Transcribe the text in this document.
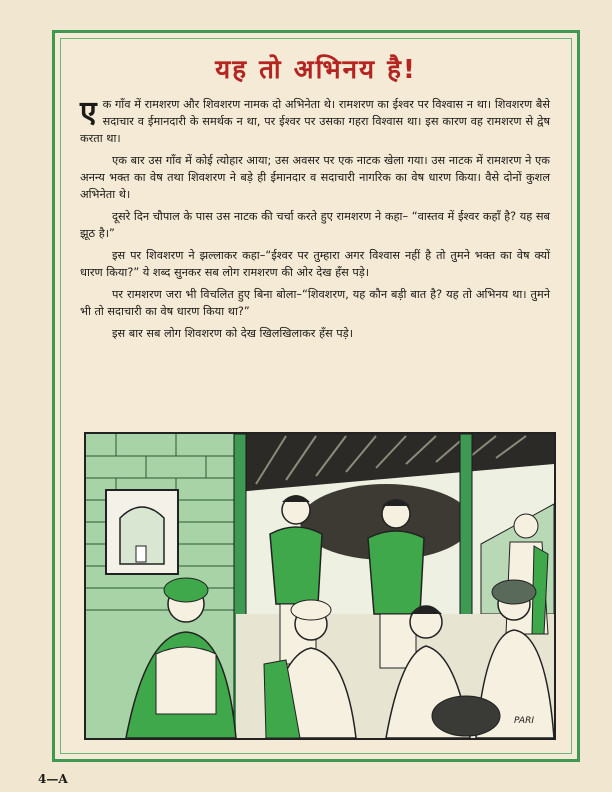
यह तो अभिनय है!

एक गाँव में रामशरण और शिवशरण नामक दो अभिनेता थे। रामशरण का ईश्वर पर विश्वास न था। शिवशरण बैसे सदाचार व ईमानदारी के समर्थक न था, पर ईश्वर पर उसका गहरा विश्वास था। इस कारण वह रामशरण से द्वेष करता था।

एक बार उस गाँव में कोई त्योहार आया; उस अवसर पर एक नाटक खेला गया। उस नाटक में रामशरण ने एक अनन्य भक्त का वेष तथा शिवशरण ने बड़े ही ईमानदार व सदाचारी नागरिक का वेष धारण किया। वैसे दोनों कुशल अभिनेता थे।

दूसरे दिन चौपाल के पास उस नाटक की चर्चा करते हुए रामशरण ने कहा– “वास्तव में ईश्वर कहाँ है? यह सब झूठ है।”

इस पर शिवशरण ने झल्लाकर कहा–“ईश्वर पर तुम्हारा अगर विश्वास नहीं है तो तुमने भक्त का वेष क्यों धारण किया?” ये शब्द सुनकर सब लोग रामशरण की ओर देख हँस पड़े।

पर रामशरण जरा भी विचलित हुए बिना बोला–“शिवशरण, यह कौन बड़ी बात है? यह तो अभिनय था। तुमने भी तो सदाचारी का वेष धारण किया था?”

इस बार सब लोग शिवशरण को देख खिलखिलाकर हँस पड़े।

PARI
4—A
